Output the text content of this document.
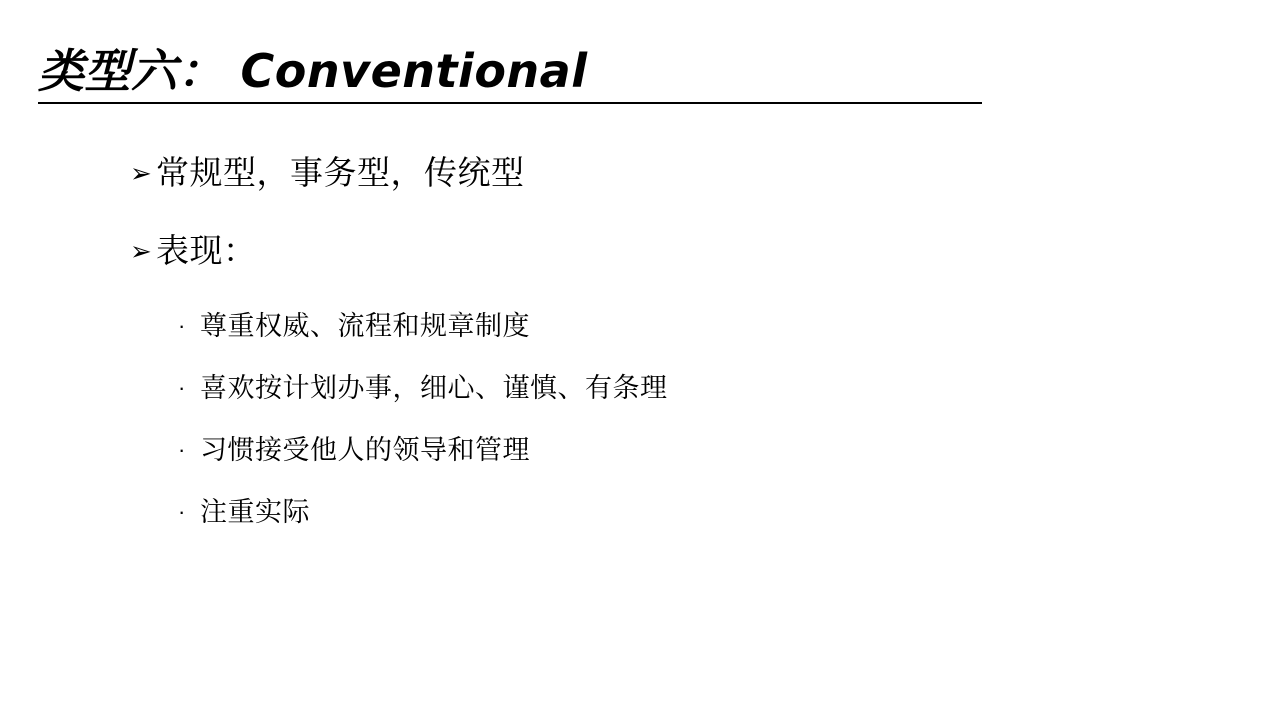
类型六： Conventional
➢ 常规型，事务型，传统型
➢ 表现：
· 尊重权威、流程和规章制度
· 喜欢按计划办事，细心、谨慎、有条理
· 习惯接受他人的领导和管理
· 注重实际
